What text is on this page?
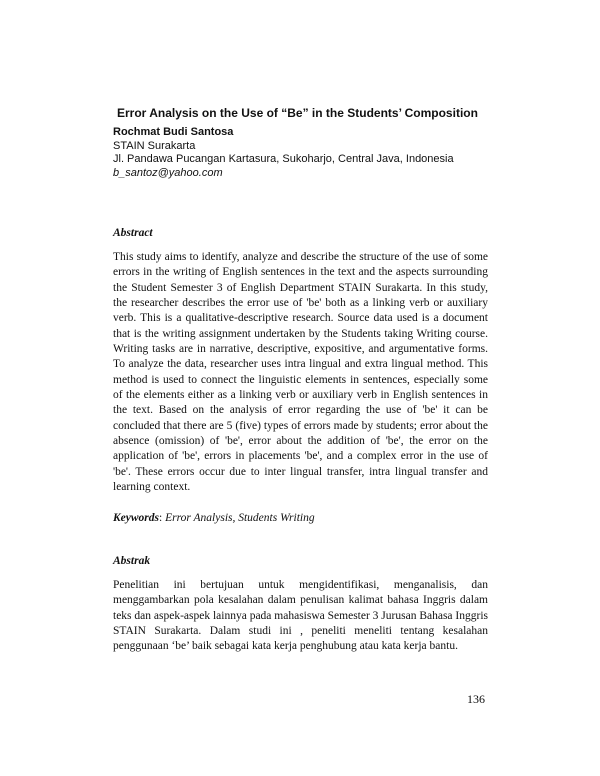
Error Analysis on the Use of “Be” in the Students’ Composition
Rochmat Budi Santosa
STAIN Surakarta
Jl. Pandawa Pucangan Kartasura, Sukoharjo, Central Java, Indonesia
b_santoz@yahoo.com
Abstract
This study aims to identify, analyze and describe the structure of the use of some errors in the writing of English sentences in the text and the aspects surrounding the Student Semester 3 of English Department STAIN Surakarta. In this study, the researcher describes the error use of 'be' both as a linking verb or auxiliary verb. This is a qualitative-descriptive research. Source data used is a document that is the writing assignment undertaken by the Students taking Writing course. Writing tasks are in narrative, descriptive, expositive, and argumentative forms. To analyze the data, researcher uses intra lingual and extra lingual method. This method is used to connect the linguistic elements in sentences, especially some of the elements either as a linking verb or auxiliary verb in English sentences in the text. Based on the analysis of error regarding the use of 'be' it can be concluded that there are 5 (five) types of errors made by students; error about the absence (omission) of 'be', error about the addition of 'be', the error on the application of 'be', errors in placements 'be', and a complex error in the use of 'be'. These errors occur due to inter lingual transfer, intra lingual transfer and learning context.
Keywords: Error Analysis, Students Writing
Abstrak
Penelitian ini bertujuan untuk mengidentifikasi, menganalisis, dan menggambarkan pola kesalahan dalam penulisan kalimat bahasa Inggris dalam teks dan aspek-aspek lainnya pada mahasiswa Semester 3 Jurusan Bahasa Inggris STAIN Surakarta. Dalam studi ini , peneliti meneliti tentang kesalahan penggunaan ‘be’ baik sebagai kata kerja penghubung atau kata kerja bantu.
136
